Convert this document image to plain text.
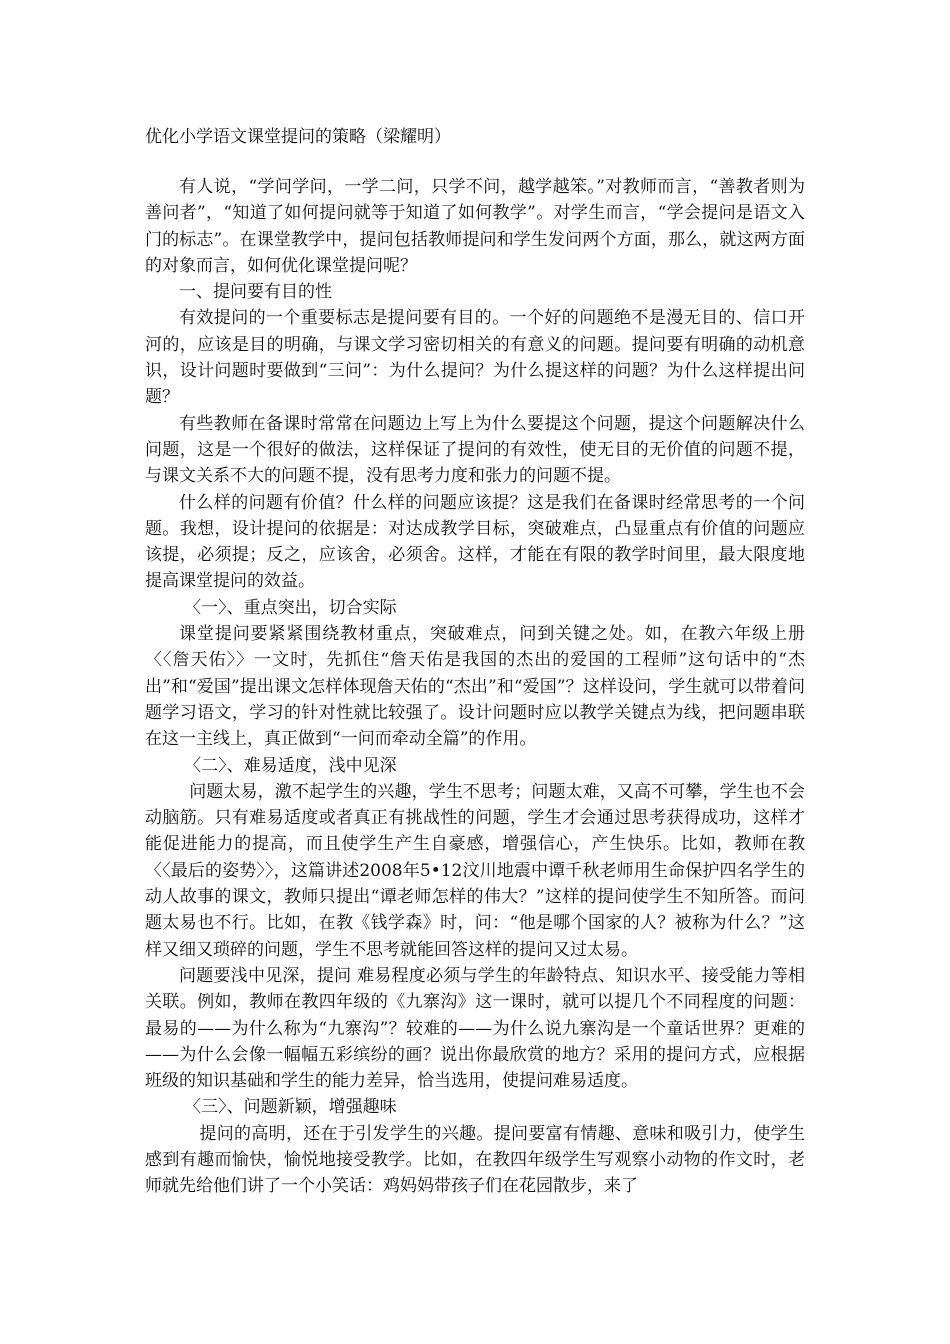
优化小学语文课堂提问的策略（梁耀明）

有人说，“学问学问，一学二问，只学不问，越学越笨。”对教师而言，“善教者则为善问者”，“知道了如何提问就等于知道了如何教学”。对学生而言，“学会提问是语文入门的标志”。在课堂教学中，提问包括教师提问和学生发问两个方面，那么，就这两方面的对象而言，如何优化课堂提问呢？

一、提问要有目的性

有效提问的一个重要标志是提问要有目的。一个好的问题绝不是漫无目的、信口开河的，应该是目的明确，与课文学习密切相关的有意义的问题。提问要有明确的动机意识，设计问题时要做到“三问”：为什么提问？为什么提这样的问题？为什么这样提出问题？

有些教师在备课时常常在问题边上写上为什么要提这个问题，提这个问题解决什么问题，这是一个很好的做法，这样保证了提问的有效性，使无目的无价值的问题不提，与课文关系不大的问题不提，没有思考力度和张力的问题不提。

什么样的问题有价值？什么样的问题应该提？这是我们在备课时经常思考的一个问题。我想，设计提问的依据是：对达成教学目标，突破难点，凸显重点有价值的问题应该提，必须提；反之，应该舍，必须舍。这样，才能在有限的教学时间里，最大限度地提高课堂提问的效益。

〈一〉、重点突出，切合实际

课堂提问要紧紧围绕教材重点，突破难点，问到关键之处。如，在教六年级上册〈〈詹天佑〉〉一文时，先抓住“詹天佑是我国的杰出的爱国的工程师”这句话中的“杰出”和“爱国”提出课文怎样体现詹天佑的“杰出”和“爱国”？这样设问，学生就可以带着问题学习语文，学习的针对性就比较强了。设计问题时应以教学关键点为线，把问题串联在这一主线上，真正做到“一问而牵动全篇”的作用。

〈二〉、难易适度，浅中见深

问题太易，激不起学生的兴趣，学生不思考；问题太难，又高不可攀，学生也不会动脑筋。只有难易适度或者真正有挑战性的问题，学生才会通过思考获得成功，这样才能促进能力的提高，而且使学生产生自豪感，增强信心，产生快乐。比如，教师在教〈〈最后的姿势〉〉，这篇讲述2008年5•12汶川地震中谭千秋老师用生命保护四名学生的动人故事的课文，教师只提出“谭老师怎样的伟大？”这样的提问使学生不知所答。而问题太易也不行。比如，在教《钱学森》时，问：“他是哪个国家的人？被称为什么？”这样又细又琐碎的问题，学生不思考就能回答这样的提问又过太易。

问题要浅中见深，提问 难易程度必须与学生的年龄特点、知识水平、接受能力等相关联。例如，教师在教四年级的《九寨沟》这一课时，就可以提几个不同程度的问题：最易的——为什么称为“九寨沟”？较难的——为什么说九寨沟是一个童话世界？更难的——为什么会像一幅幅五彩缤纷的画？说出你最欣赏的地方？采用的提问方式，应根据班级的知识基础和学生的能力差异，恰当选用，使提问难易适度。

〈三〉、问题新颖，增强趣味

提问的高明，还在于引发学生的兴趣。提问要富有情趣、意味和吸引力，使学生感到有趣而愉快，愉悦地接受教学。比如，在教四年级学生写观察小动物的作文时，老师就先给他们讲了一个小笑话：鸡妈妈带孩子们在花园散步，来了
